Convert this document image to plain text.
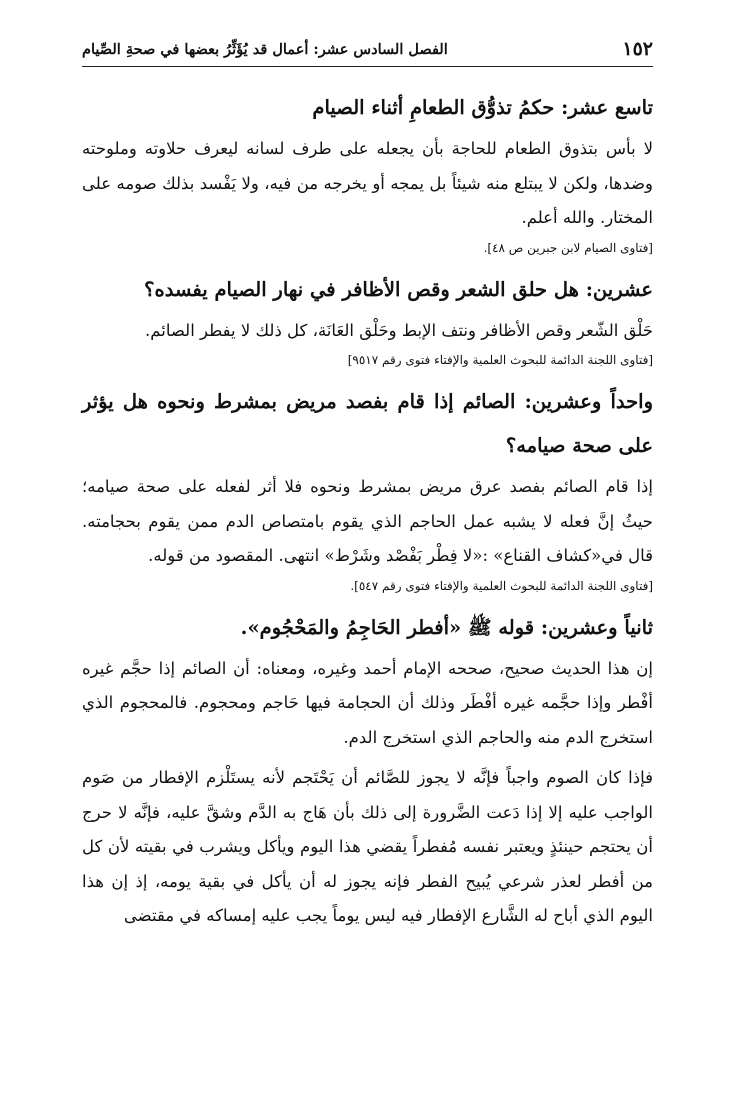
١٥٢
الفصل السادس عشر: أعمال قد يُؤَثِّرُ بعضها في صحةِ الصِّيام
تاسع عشر: حكمُ تذوُّق الطعامِ أثناء الصيام

لا بأس بتذوق الطعام للحاجة بأن يجعله على طرف لسانه ليعرف حلاوته وملوحته وضدها، ولكن لا يبتلع منه شيئاً بل يمجه أو يخرجه من فيه، ولا يَفْسد بذلك صومه على المختار. والله أعلم.

[فتاوى الصيام لابن جبرين ص ٤٨].

عشرين: هل حلق الشعر وقص الأظافر في نهار الصيام يفسده؟

حَلْق الشّعر وقص الأظافر ونتف الإبط وحَلْق العَانَة، كل ذلك لا يفطر الصائم.

[فتاوى اللجنة الدائمة للبحوث العلمية والإفتاء فتوى رقم ٩٥١٧]

واحداً وعشرين: الصائم إذا قام بفصد مريض بمشرط ونحوه هل يؤثر على صحة صيامه؟

إذا قام الصائم بفصد عرق مريض بمشرط ونحوه فلا أثر لفعله على صحة صيامه؛ حيثُ إنَّ فعله لا يشبه عمل الحاجم الذي يقوم بامتصاص الدم ممن يقوم بحجامته. قال في«كشاف القناع» :«لا فِطْر بَفْصْد وشَرْط» انتهى. المقصود من قوله.

[فتاوى اللجنة الدائمة للبحوث العلمية والإفتاء فتوى رقم ٥٤٧].

ثانياً وعشرين: قوله ﷺ «أفطر الحَاجِمُ والمَحْجُوم».

إن هذا الحديث صحيح، صححه الإمام أحمد وغيره، ومعناه: أن الصائم إذا حجَّم غيره أفْطر وإذا حجَّمه غيره أفْطَر وذلك أن الحجامة فيها حَاجم ومحجوم. فالمحجوم الذي استخرج الدم منه والحاجم الذي استخرج الدم.

فإذا كان الصوم واجباً فإنَّه لا يجوز للصَّائم أن يَحْتَجم لأنه يستَلْزم الإفطار من صَوم الواجب عليه إلا إذا دَعت الضَّرورة إلى ذلك بأن هَاج به الدَّم وشقَّ عليه، فإنَّه لا حرج أن يحتجم حينئذٍ ويعتبر نفسه مُفطراً يقضي هذا اليوم ويأكل ويشرب في بقيته لأن كل من أفطر لعذر شرعي يُبيح الفطر فإنه يجوز له أن يأكل في بقية يومه، إذ إن هذا اليوم الذي أباح له الشَّارع الإفطار فيه ليس يوماً يجب عليه إمساكه في مقتضى
